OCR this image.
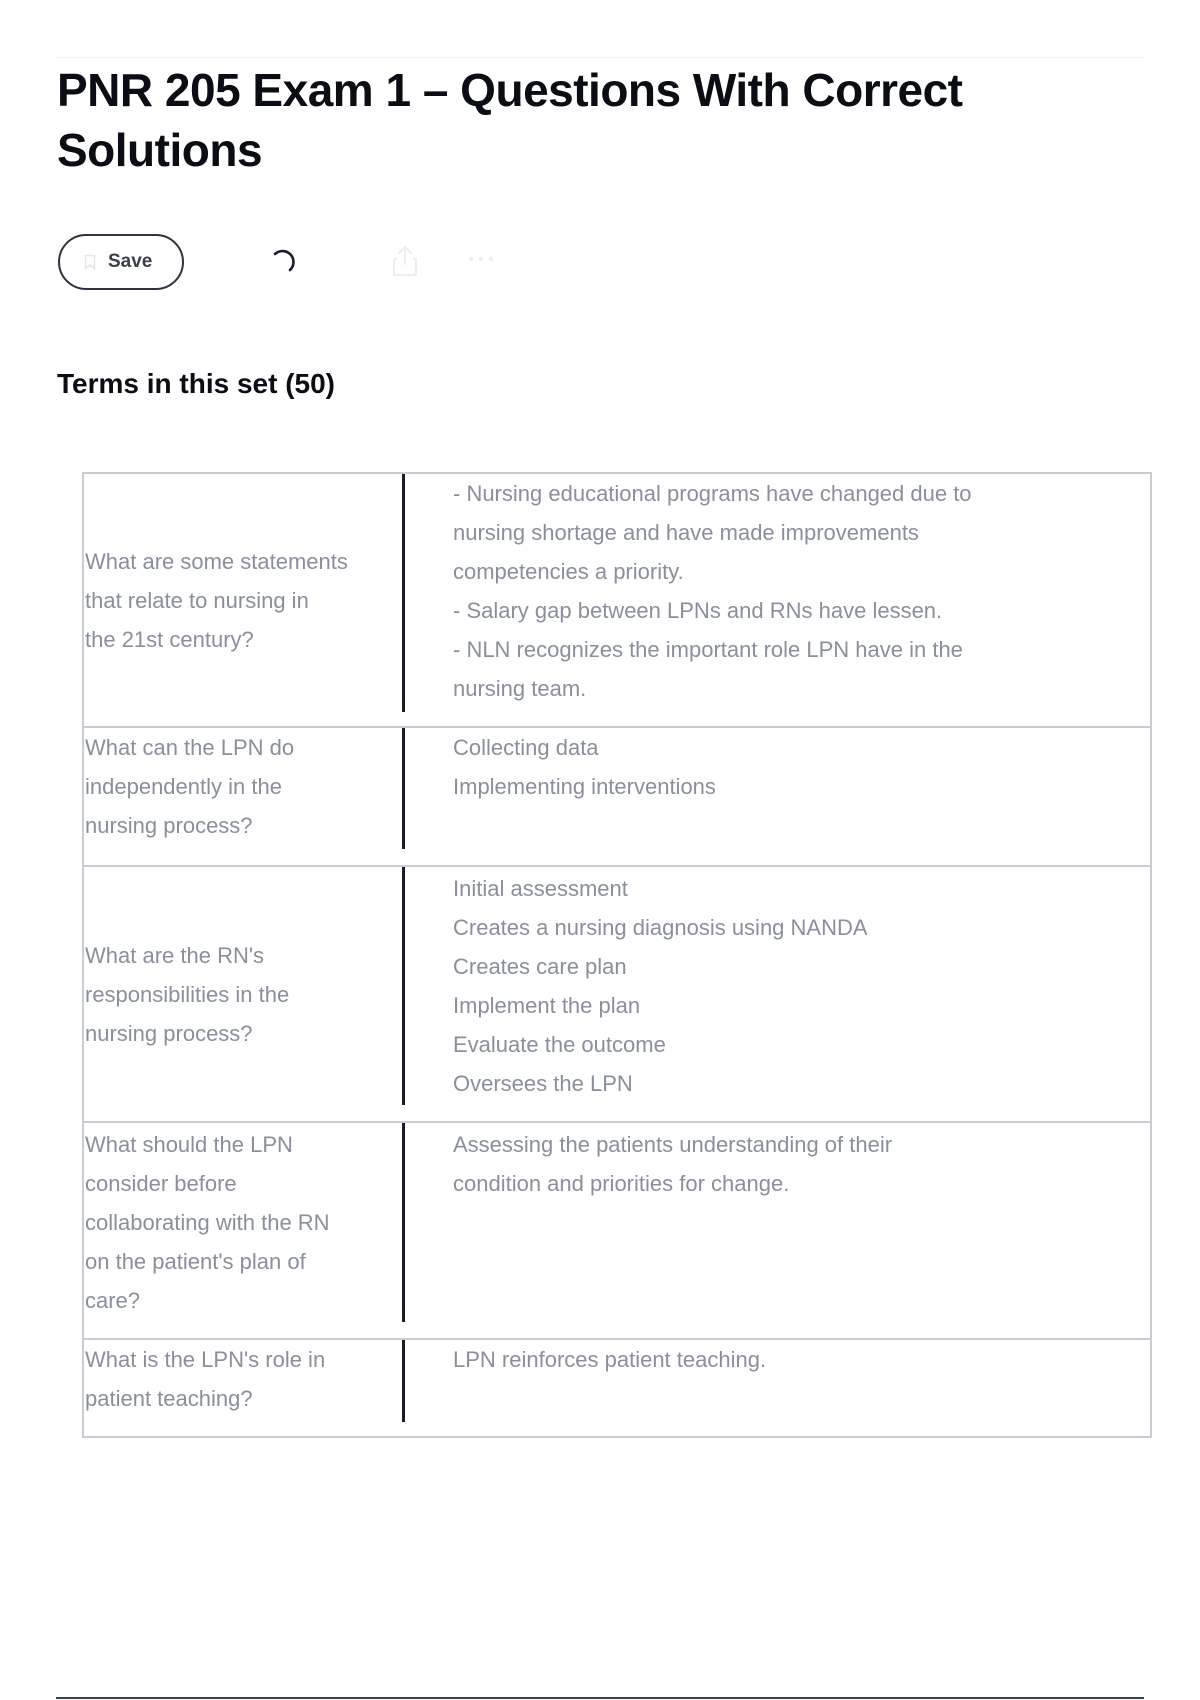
PNR 205 Exam 1 – Questions With Correct Solutions
Save
Terms in this set (50)
What are some statements
that relate to nursing in
the 21st century?
- Nursing educational programs have changed due to
nursing shortage and have made improvements
competencies a priority.
- Salary gap between LPNs and RNs have lessen.
- NLN recognizes the important role LPN have in the
nursing team.
What can the LPN do
independently in the
nursing process?
Collecting data
Implementing interventions
What are the RN's
responsibilities in the
nursing process?
Initial assessment
Creates a nursing diagnosis using NANDA
Creates care plan
Implement the plan
Evaluate the outcome
Oversees the LPN
What should the LPN
consider before
collaborating with the RN
on the patient's plan of
care?
Assessing the patients understanding of their
condition and priorities for change.
What is the LPN's role in
patient teaching?
LPN reinforces patient teaching.
